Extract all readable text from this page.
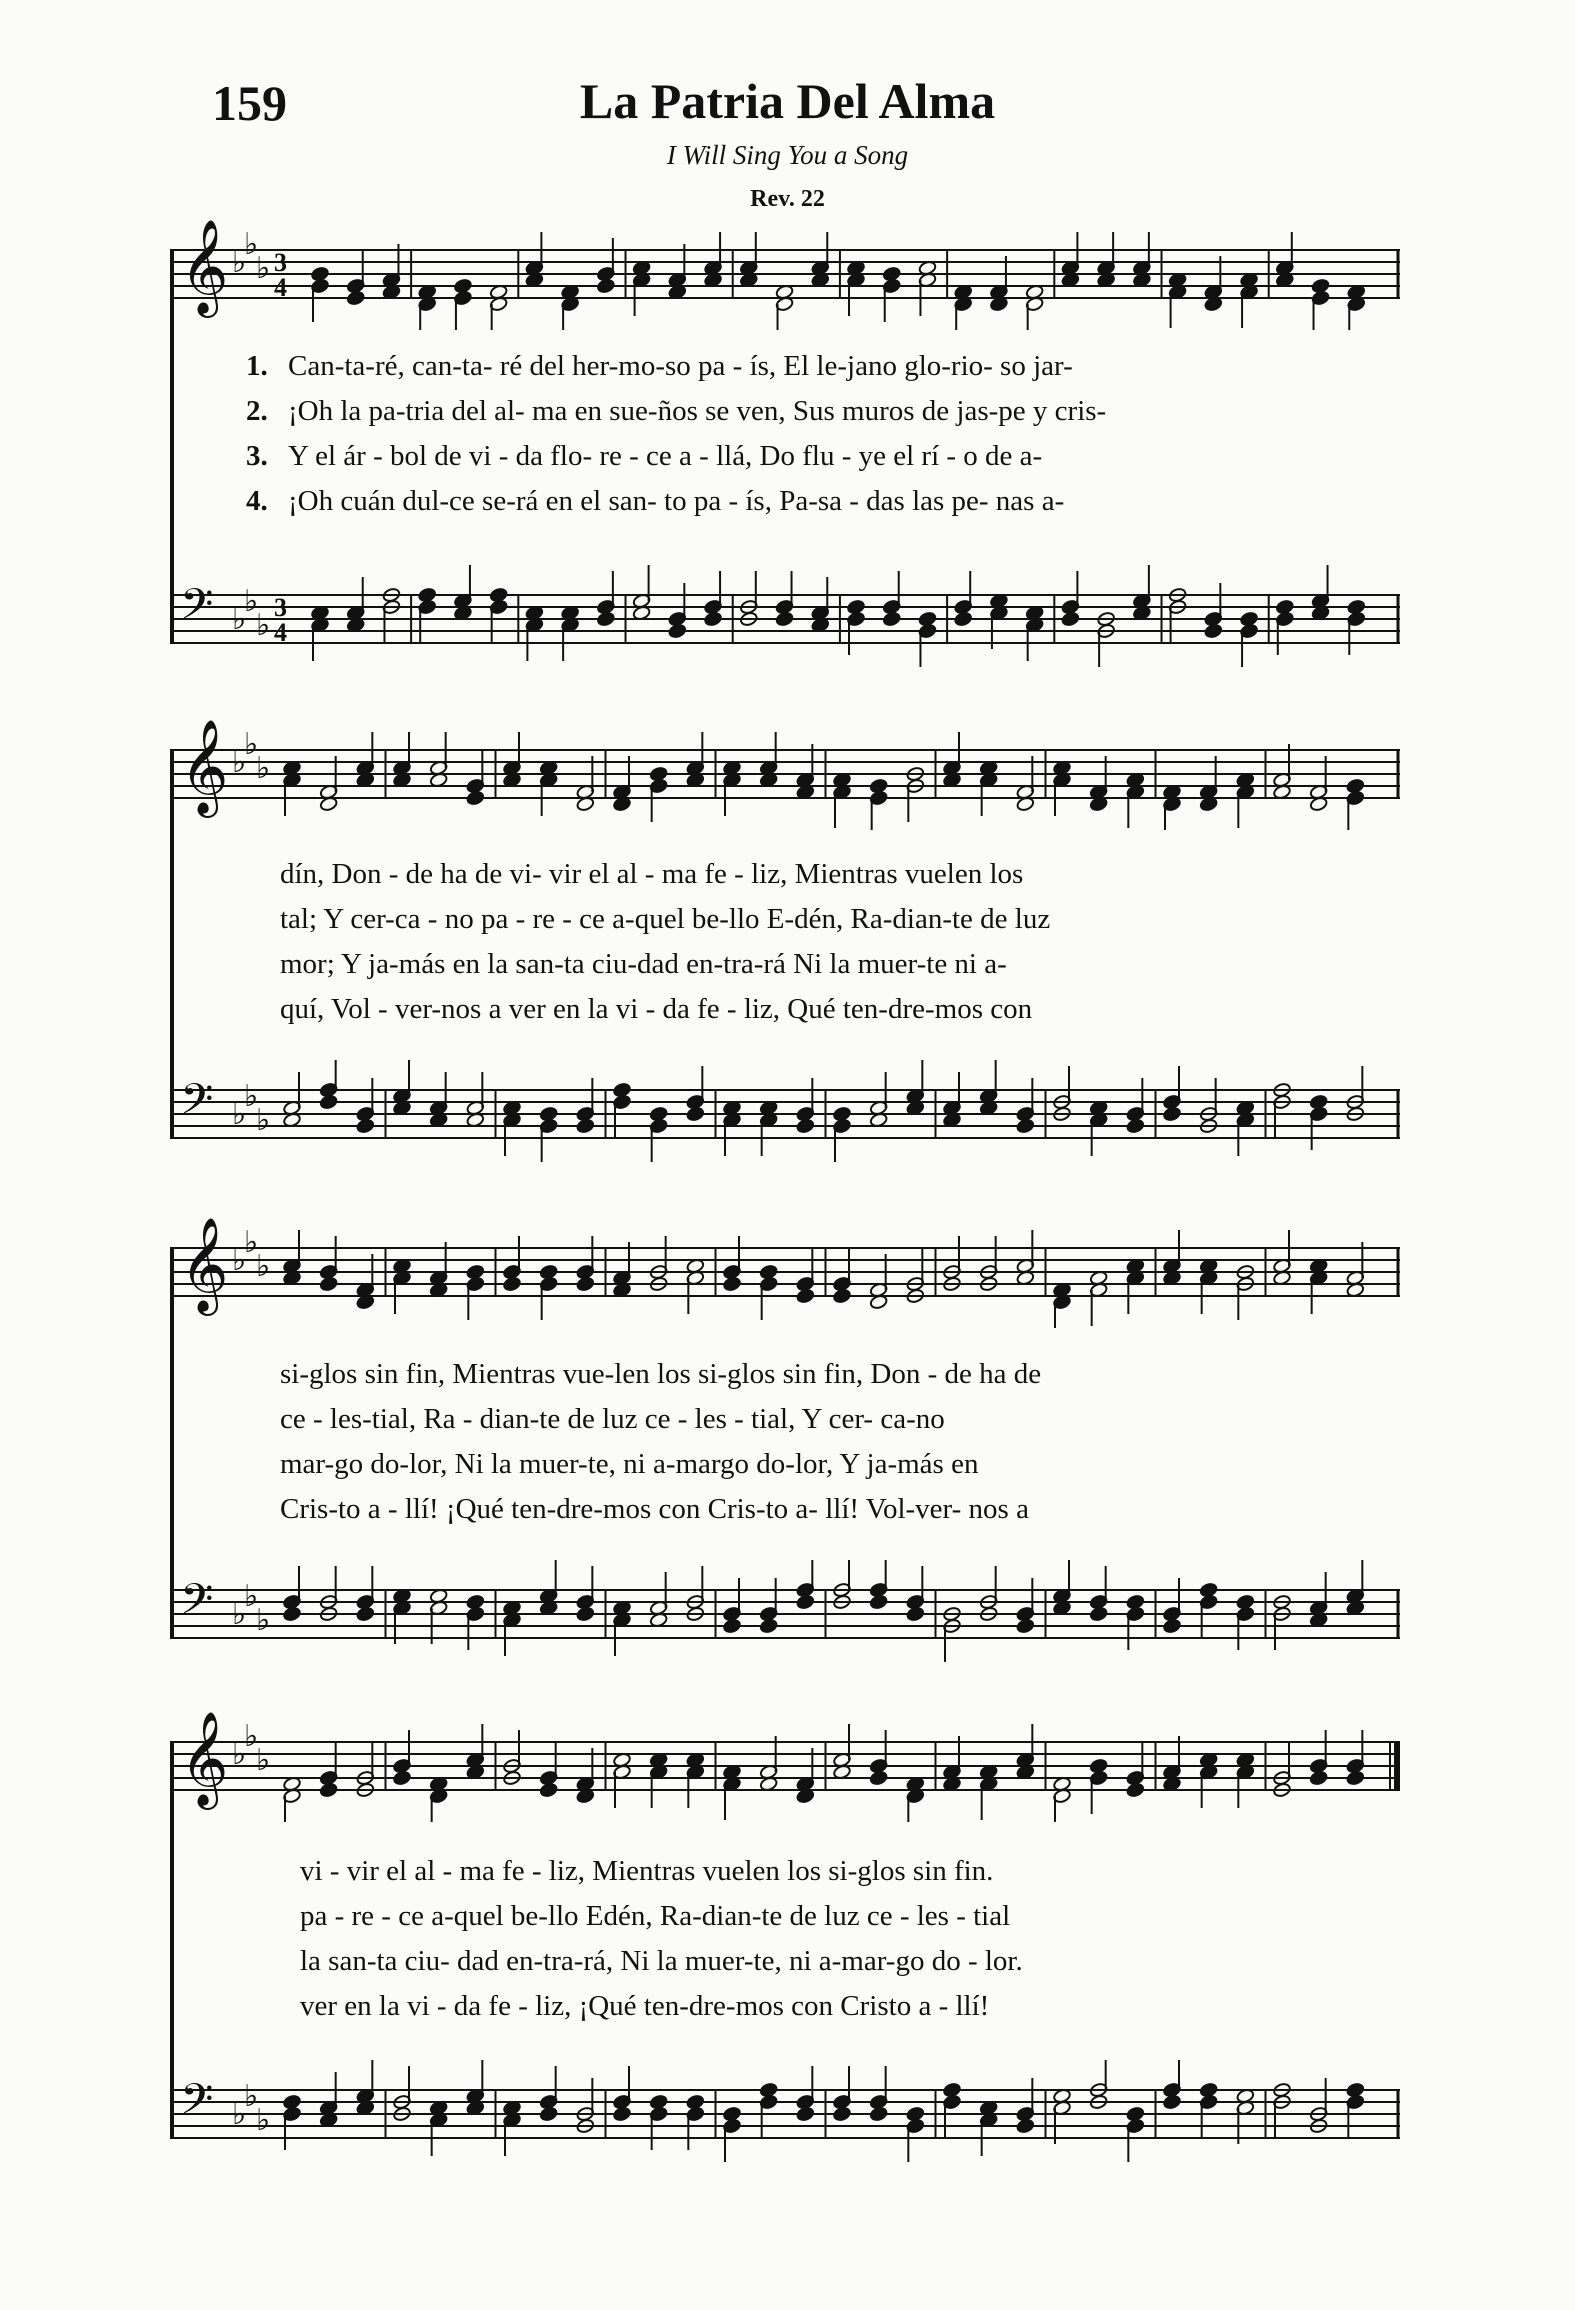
159	La Patria Del Alma
I Will Sing You a Song
Rev. 22
𝄞 ♭
♭
♭ 3
4
𝄢 ♭
♭
♭
3
4
1. Can-ta-ré, can-ta- ré del her-mo-so pa - ís, El le-jano glo-rio- so jar-
2. ¡Oh la pa-tria del al- ma en sue-ños se ven, Sus muros de jas-pe y cris-
3. Y el ár - bol de vi - da flo- re - ce a - llá, Do flu - ye el rí - o de a-
4. ¡Oh cuán dul-ce se-rá en el san- to pa - ís, Pa-sa - das las pe- nas a-
𝄞 ♭
♭
♭
𝄢 ♭
♭
♭
dín, Don - de ha de vi- vir el al - ma fe - liz, Mientras vuelen los
tal; Y cer-ca - no pa - re - ce a-quel be-llo E-dén, Ra-dian-te de luz
mor; Y ja-más en la san-ta ciu-dad en-tra-rá Ni la muer-te ni a-
quí, Vol - ver-nos a ver en la vi - da fe - liz, Qué ten-dre-mos con
𝄞 ♭
♭
♭
𝄢 ♭
♭
♭
si-glos sin fin, Mientras vue-len los si-glos sin fin, Don - de ha de
ce - les-tial, Ra - dian-te de luz ce - les - tial, Y cer- ca-no
mar-go do-lor, Ni la muer-te, ni a-margo do-lor, Y ja-más en
Cris-to a - llí! ¡Qué ten-dre-mos con Cris-to a- llí! Vol-ver- nos a
𝄞 ♭
♭
♭
𝄢 ♭
♭
♭
vi - vir el al - ma fe - liz, Mientras vuelen los si-glos sin fin.
pa - re - ce a-quel be-llo Edén, Ra-dian-te de luz ce - les - tial
la san-ta ciu- dad en-tra-rá, Ni la muer-te, ni a-mar-go do - lor.
ver en la vi - da fe - liz, ¡Qué ten-dre-mos con Cristo a - llí!
